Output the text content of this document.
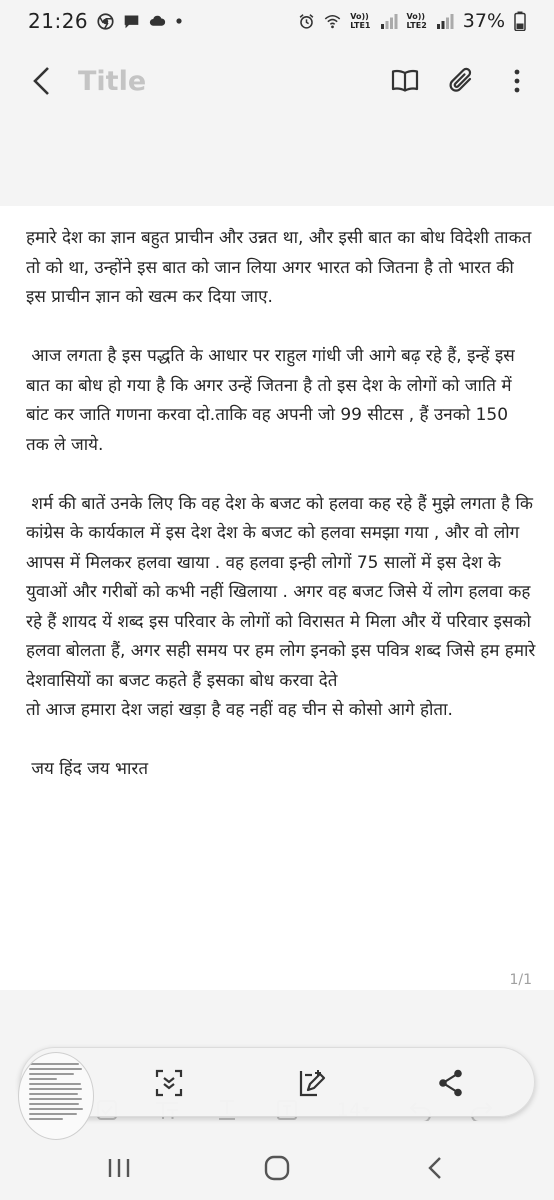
21:26	Vo))
LTE1
Vo))
LTE2 37%
Title

हमारे देश का ज्ञान बहुत प्राचीन और उन्नत था, और इसी बात का बोध विदेशी ताकत तो को था, उन्होंने इस बात को जान लिया अगर भारत को जितना है तो भारत की इस प्राचीन ज्ञान को खत्म कर दिया जाए.

आज लगता है इस पद्धति के आधार पर राहुल गांधी जी आगे बढ़ रहे हैं, इन्हें इस बात का बोध हो गया है कि अगर उन्हें जितना है तो इस देश के लोगों को जाति में बांट कर जाति गणना करवा दो.ताकि वह अपनी जो 99 सीटस , हैं उनको 150 तक ले जाये.

शर्म की बातें उनके लिए कि वह देश के बजट को हलवा कह रहे हैं मुझे लगता है कि कांग्रेस के कार्यकाल में इस देश देश के बजट को हलवा समझा गया , और वो लोग आपस में मिलकर हलवा खाया . वह हलवा इन्ही लोगों 75 सालों में इस देश के युवाओं और गरीबों को कभी नहीं खिलाया . अगर वह बजट जिसे यें लोग हलवा कह रहे हैं शायद यें शब्द इस परिवार के लोगों को विरासत मे मिला और यें परिवार इसको हलवा बोलता हैं, अगर सही समय पर हम लोग इनको इस पवित्र शब्द जिसे हम हमारे देशवासियों का बजट कहते हैं इसका बोध करवा देते
तो आज हमारा देश जहां खड़ा है वह नहीं वह चीन से कोसो आगे होता.

जय हिंद जय भारत

1/1
